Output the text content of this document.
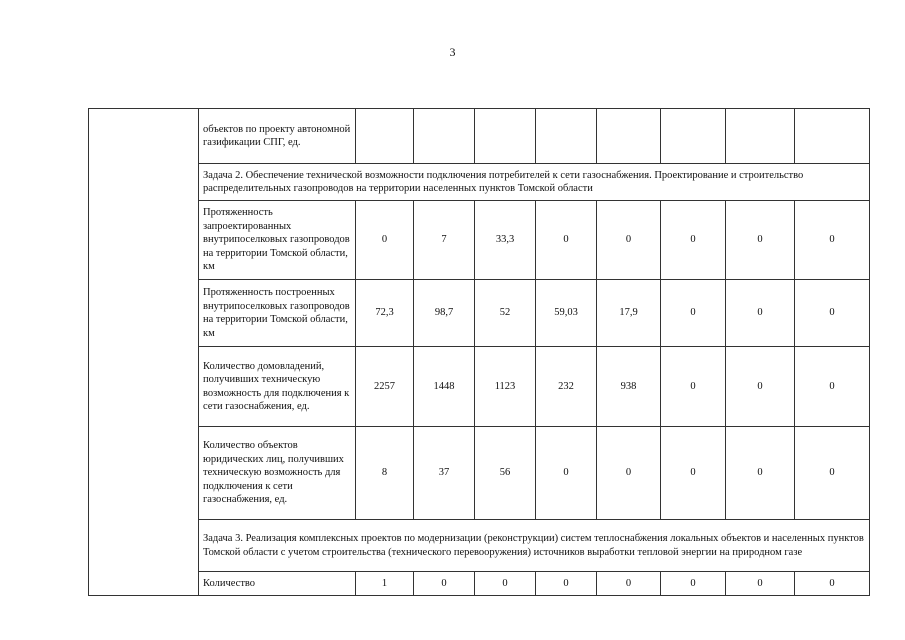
3
	объектов по проекту автономной газификации СПГ, ед.								
	Задача 2. Обеспечение технической возможности подключения потребителей к сети газоснабжения. Проектирование и строительство распределительных газопроводов на территории населенных пунктов Томской области								
	Протяженность запроектированных внутрипоселковых газопроводов на территории Томской области, км	0	7	33,3	0	0	0	0	0
	Протяженность построенных внутрипоселковых газопроводов на территории Томской области, км	72,3	98,7	52	59,03	17,9	0	0	0
	Количество домовладений, получивших техническую возможность для подключения к сети газоснабжения, ед.	2257	1448	1123	232	938	0	0	0
	Количество объектов юридических лиц, получивших техническую возможность для подключения к сети газоснабжения, ед.	8	37	56	0	0	0	0	0
	Задача 3. Реализация комплексных проектов по модернизации (реконструкции) систем теплоснабжения локальных объектов и населенных пунктов Томской области с учетом строительства (технического перевооружения) источников выработки тепловой энергии на природном газе								
	Количество	1	0	0	0	0	0	0	0
